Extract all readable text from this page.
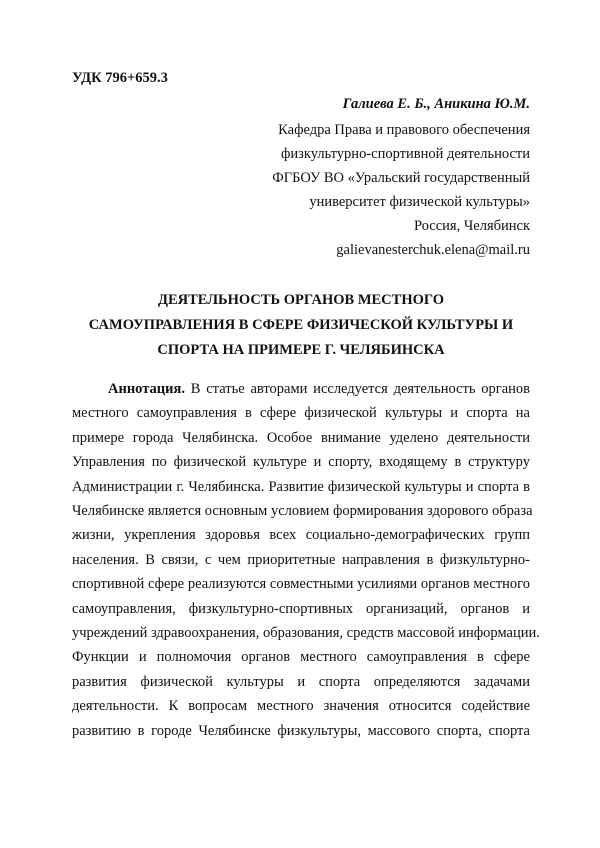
УДК 796+659.3
Галиева Е. Б., Аникина Ю.М.
Кафедра Права и правового обеспечения
физкультурно-спортивной деятельности
ФГБОУ ВО «Уральский государственный
университет физической культуры»
Россия, Челябинск
galievanesterchuk.elena@mail.ru
ДЕЯТЕЛЬНОСТЬ ОРГАНОВ МЕСТНОГО
САМОУПРАВЛЕНИЯ В СФЕРЕ ФИЗИЧЕСКОЙ КУЛЬТУРЫ И
СПОРТА НА ПРИМЕРЕ Г. ЧЕЛЯБИНСКА
Аннотация. В статье авторами исследуется деятельность органов
местного самоуправления в сфере физической культуры и спорта на
примере города Челябинска. Особое внимание уделено деятельности
Управления по физической культуре и спорту, входящему в структуру
Администрации г. Челябинска. Развитие физической культуры и спорта в
Челябинске является основным условием формирования здорового образа
жизни, укрепления здоровья всех социально-демографических групп
населения. В связи, с чем приоритетные направления в физкультурно-
спортивной сфере реализуются совместными усилиями органов местного
самоуправления, физкультурно-спортивных организаций, органов и
учреждений здравоохранения, образования, средств массовой информации.
Функции и полномочия органов местного самоуправления в сфере
развития физической культуры и спорта определяются задачами
деятельности. К вопросам местного значения относится содействие
развитию в городе Челябинске физкультуры, массового спорта, спорта
